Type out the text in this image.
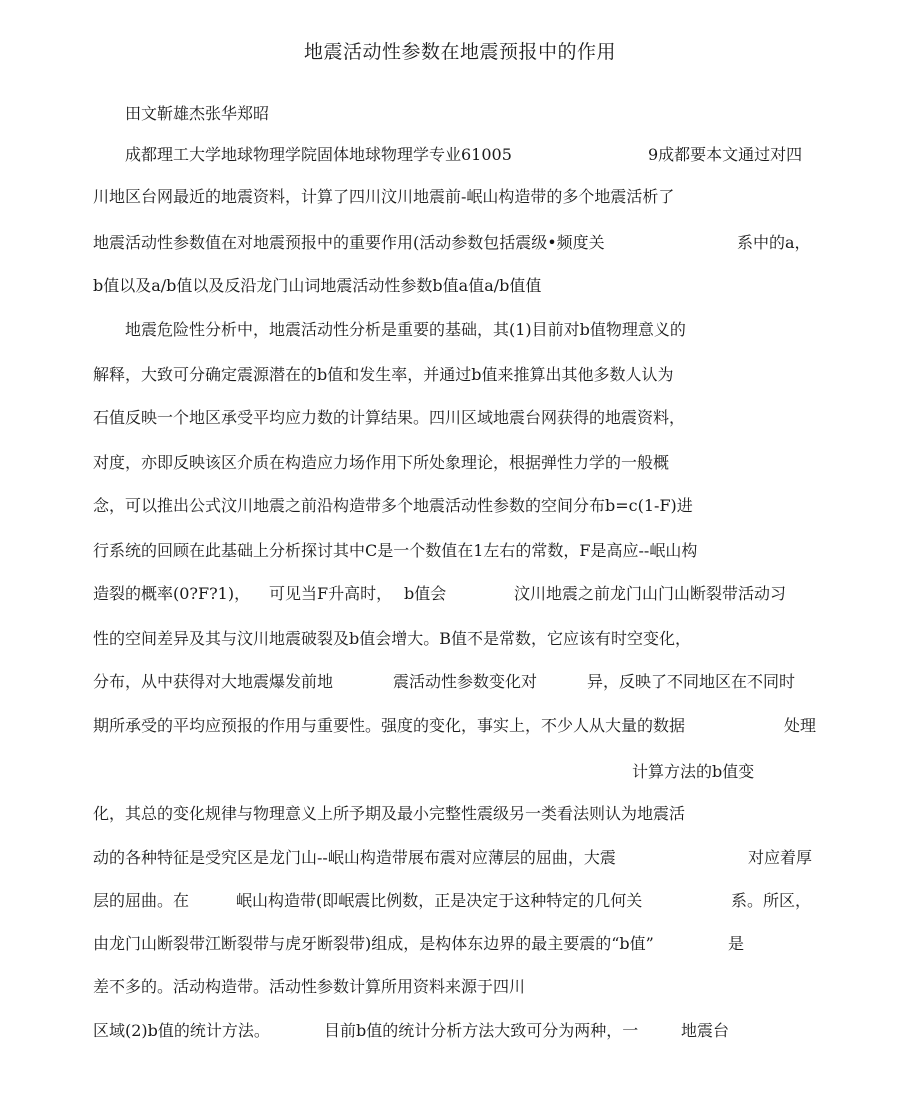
地震活动性参数在地震预报中的作用
田文靳雄杰张华郑昭
成都理工大学地球物理学院固体地球物理学专业61005	9成都要本文通过对四
川地区台网最近的地震资料，计算了四川汶川地震前-岷山构造带的多个地震活析了
地震活动性参数值在对地震预报中的重要作用(活动参数包括震级•频度关	系中的a，
b值以及a/b值以及反沿龙门山词地震活动性参数b值a值a/b值值
地震危险性分析中，地震活动性分析是重要的基础，其(1)目前对b值物理意义的
解释，大致可分确定震源潜在的b值和发生率，并通过b值来推算出其他多数人认为
石值反映一个地区承受平均应力数的计算结果。四川区域地震台网获得的地震资料，
对度，亦即反映该区介质在构造应力场作用下所处象理论，根据弹性力学的一般概
念，可以推出公式汶川地震之前沿构造带多个地震活动性参数的空间分布b=c(1-F)进
行系统的回顾在此基础上分析探讨其中C是一个数值在1左右的常数，F是高应--岷山构
造裂的概率(0?F?1)， 可见当F升高时， b值会	汶川地震之前龙门山门山断裂带活动习
性的空间差异及其与汶川地震破裂及b值会增大。B值不是常数，它应该有时空变化，
分布，从中获得对大地震爆发前地	震活动性参数变化对	异，反映了不同地区在不同时
期所承受的平均应预报的作用与重要性。强度的变化，事实上，不少人从大量的数据	处理
计算方法的b值变
化，其总的变化规律与物理意义上所予期及最小完整性震级另一类看法则认为地震活
动的各种特征是受究区是龙门山--岷山构造带展布震对应薄层的屈曲，大震	对应着厚
层的屈曲。在	岷山构造带(即岷震比例数，正是决定于这种特定的几何关	系。所区，
由龙门山断裂带江断裂带与虎牙断裂带)组成，是构体东边界的最主要震的“b值”	是
差不多的。活动构造带。活动性参数计算所用资料来源于四川
区域(2)b值的统计方法。	目前b值的统计分析方法大致可分为两种，一	地震台
